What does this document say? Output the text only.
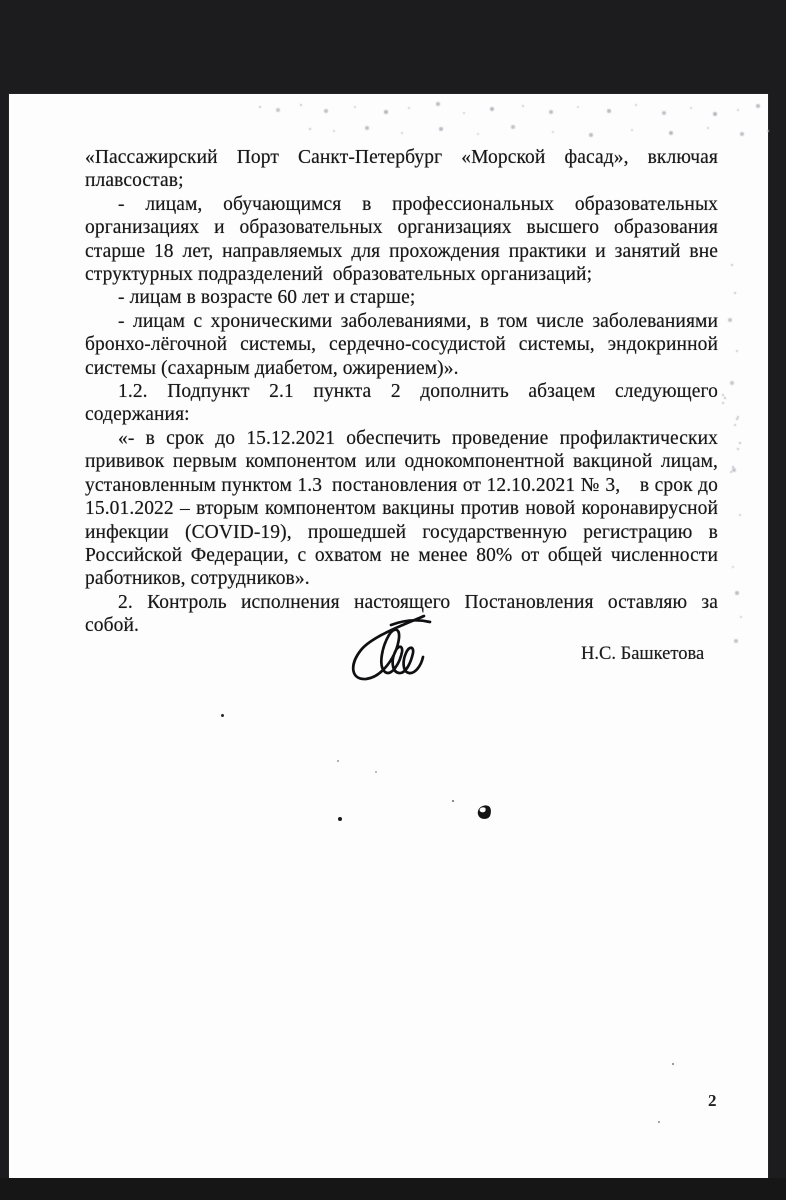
«Пассажирский Порт Санкт-Петербург «Морской фасад», включая плавсостав;

- лицам, обучающимся в профессиональных образовательных организациях и образовательных организациях высшего образования старше 18 лет, направляемых для прохождения практики и занятий вне структурных подразделений образовательных организаций;

- лицам в возрасте 60 лет и старше;

- лицам с хроническими заболеваниями, в том числе заболеваниями бронхо-лёгочной системы, сердечно-сосудистой системы, эндокринной системы (сахарным диабетом, ожирением)».

1.2. Подпункт 2.1 пункта 2 дополнить абзацем следующего содержания:

«- в срок до 15.12.2021 обеспечить проведение профилактических прививок первым компонентом или однокомпонентной вакциной лицам, установленным пунктом 1.3 постановления от 12.10.2021 № 3, в срок до 15.01.2022 – вторым компонентом вакцины против новой коронавирусной инфекции (COVID-19), прошедшей государственную регистрацию в Российской Федерации, с охватом не менее 80% от общей численности работников, сотрудников».

2. Контроль исполнения настоящего Постановления оставляю за собой.

Н.С. Башкетова
2
